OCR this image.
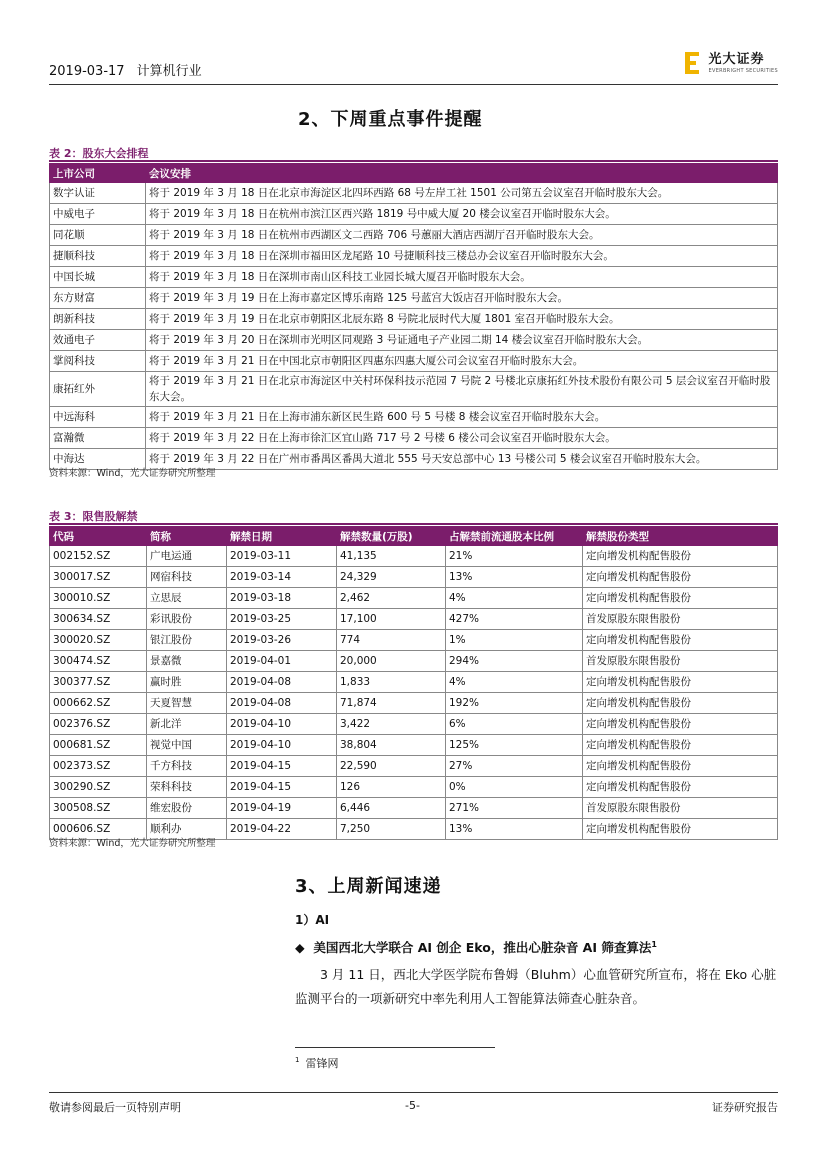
2019-03-17 计算机行业
光大证券
EVERBRIGHT SECURITIES
2、下周重点事件提醒
表 2：股东大会排程
上市公司	会议安排
数字认证	将于 2019 年 3 月 18 日在北京市海淀区北四环西路 68 号左岸工社 1501 公司第五会议室召开临时股东大会。
中威电子	将于 2019 年 3 月 18 日在杭州市滨江区西兴路 1819 号中威大厦 20 楼会议室召开临时股东大会。
同花顺	将于 2019 年 3 月 18 日在杭州市西湖区文二西路 706 号蕙丽大酒店西湖厅召开临时股东大会。
捷顺科技	将于 2019 年 3 月 18 日在深圳市福田区龙尾路 10 号捷顺科技三楼总办会议室召开临时股东大会。
中国长城	将于 2019 年 3 月 18 日在深圳市南山区科技工业园长城大厦召开临时股东大会。
东方财富	将于 2019 年 3 月 19 日在上海市嘉定区博乐南路 125 号蓝宫大饭店召开临时股东大会。
朗新科技	将于 2019 年 3 月 19 日在北京市朝阳区北辰东路 8 号院北辰时代大厦 1801 室召开临时股东大会。
效通电子	将于 2019 年 3 月 20 日在深圳市光明区同观路 3 号证通电子产业园二期 14 楼会议室召开临时股东大会。
掌阅科技	将于 2019 年 3 月 21 日在中国北京市朝阳区四惠东四惠大厦公司会议室召开临时股东大会。
康拓红外	将于 2019 年 3 月 21 日在北京市海淀区中关村环保科技示范园 7 号院 2 号楼北京康拓红外技术股份有限公司 5 层会议室召开临时股东大会。
中远海科	将于 2019 年 3 月 21 日在上海市浦东新区民生路 600 号 5 号楼 8 楼会议室召开临时股东大会。
富瀚微	将于 2019 年 3 月 22 日在上海市徐汇区宜山路 717 号 2 号楼 6 楼公司会议室召开临时股东大会。
中海达	将于 2019 年 3 月 22 日在广州市番禺区番禺大道北 555 号天安总部中心 13 号楼公司 5 楼会议室召开临时股东大会。
资料来源：Wind，光大证券研究所整理
表 3：限售股解禁
代码	简称	解禁日期	解禁数量(万股)	占解禁前流通股本比例	解禁股份类型
002152.SZ	广电运通	2019-03-11	41,135	21%	定向增发机构配售股份
300017.SZ	网宿科技	2019-03-14	24,329	13%	定向增发机构配售股份
300010.SZ	立思辰	2019-03-18	2,462	4%	定向增发机构配售股份
300634.SZ	彩讯股份	2019-03-25	17,100	427%	首发原股东限售股份
300020.SZ	银江股份	2019-03-26	774	1%	定向增发机构配售股份
300474.SZ	景嘉微	2019-04-01	20,000	294%	首发原股东限售股份
300377.SZ	赢时胜	2019-04-08	1,833	4%	定向增发机构配售股份
000662.SZ	天夏智慧	2019-04-08	71,874	192%	定向增发机构配售股份
002376.SZ	新北洋	2019-04-10	3,422	6%	定向增发机构配售股份
000681.SZ	视觉中国	2019-04-10	38,804	125%	定向增发机构配售股份
002373.SZ	千方科技	2019-04-15	22,590	27%	定向增发机构配售股份
300290.SZ	荣科科技	2019-04-15	126	0%	定向增发机构配售股份
300508.SZ	维宏股份	2019-04-19	6,446	271%	首发原股东限售股份
000606.SZ	顺利办	2019-04-22	7,250	13%	定向增发机构配售股份
资料来源：Wind，光大证券研究所整理
3、上周新闻速递
1）AI
◆ 美国西北大学联合 AI 创企 Eko，推出心脏杂音 AI 筛查算法$^1$
3 月 11 日，西北大学医学院布鲁姆（Bluhm）心血管研究所宣布，将在 Eko 心脏监测平台的一项新研究中率先利用人工智能算法筛查心脏杂音。
$^1$ 雷锋网
敬请参阅最后一页特别声明	-5-	证券研究报告
